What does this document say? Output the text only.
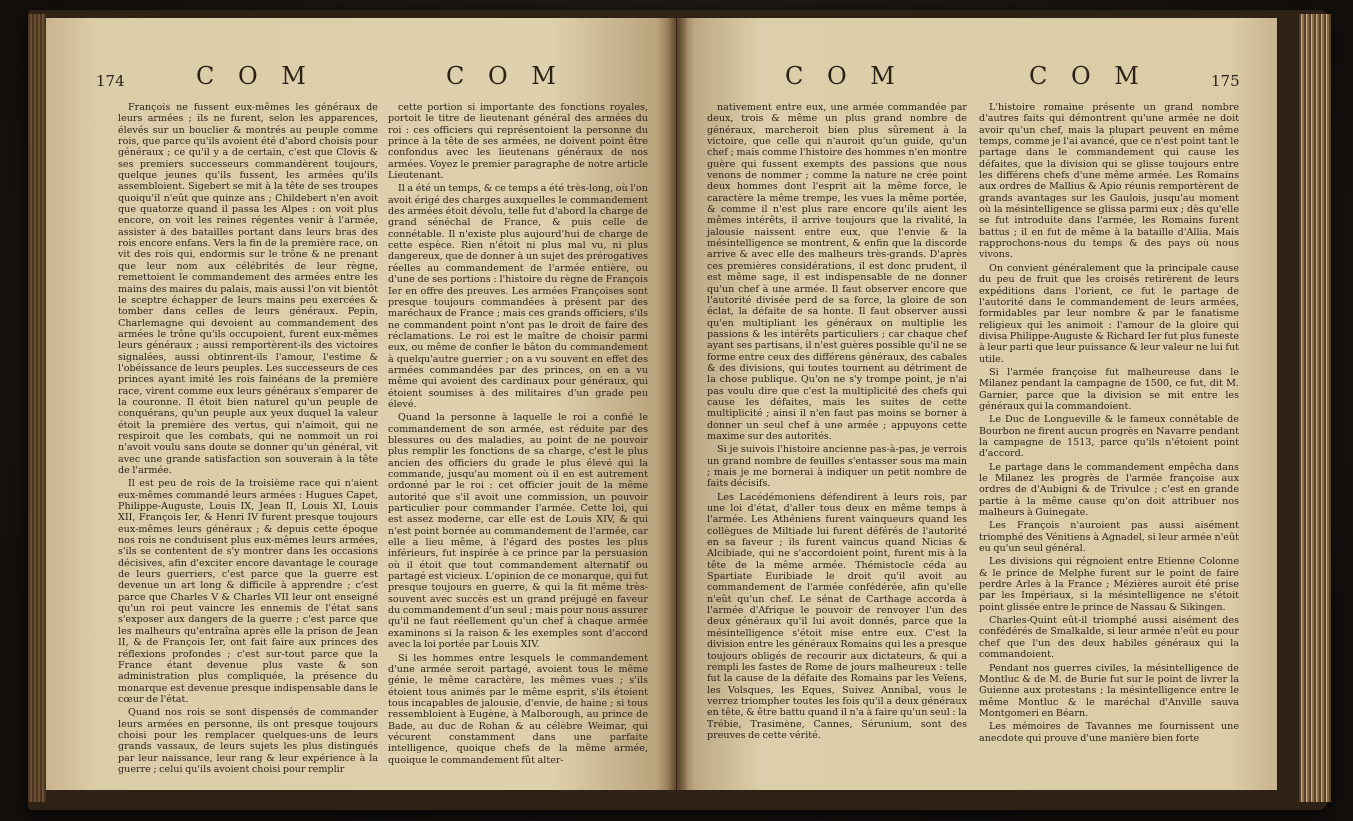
174	C O M	C O M

François ne fussent eux-mêmes les généraux de leurs armées ; ils ne furent, selon les apparences, élevés sur un bouclier & montrés au peuple comme rois, que parce qu'ils avoient été d'abord choisis pour généraux ; ce qu'il y a de certain, c'est que Clovis & ses premiers successeurs commandèrent toujours, quelque jeunes qu'ils fussent, les armées qu'ils assembloient. Sigebert se mit à la tête de ses troupes quoiqu'il n'eût que quinze ans ; Childebert n'en avoit que quatorze quand il passa les Alpes : on voit plus encore, on voit les reines régentes venir à l'armée, assister à des batailles portant dans leurs bras des rois encore enfans. Vers la fin de la première race, on vit des rois qui, endormis sur le trône & ne prenant que leur nom aux célébrités de leur règne, remettoient le commandement des armées entre les mains des maires du palais, mais aussi l'on vit bientôt le sceptre échapper de leurs mains peu exercées & tomber dans celles de leurs généraux. Pepin, Charlemagne qui devoient au commandement des armées le trône qu'ils occupoient, furent eux-mêmes leurs généraux ; aussi remportèrent-ils des victoires signalées, aussi obtinrent-ils l'amour, l'estime & l'obéissance de leurs peuples. Les successeurs de ces princes ayant imité les rois fainéans de la première race, virent comme eux leurs généraux s'emparer de la couronne. Il étoit bien naturel qu'un peuple de conquérans, qu'un peuple aux yeux duquel la valeur étoit la première des vertus, qui n'aimoit, qui ne respiroit que les combats, qui ne nommoit un roi n'avoit voulu sans doute se donner qu'un général, vit avec une grande satisfaction son souverain à la tête de l'armée.

Il est peu de rois de la troisième race qui n'aient eux-mêmes commandé leurs armées : Hugues Capet, Philippe-Auguste, Louis IX, Jean II, Louis XI, Louis XII, François Ier, & Henri IV furent presque toujours eux-mêmes leurs généraux ; & depuis cette époque nos rois ne conduisent plus eux-mêmes leurs armées, s'ils se contentent de s'y montrer dans les occasions décisives, afin d'exciter encore davantage le courage de leurs guerriers, c'est parce que la guerre est devenue un art long & difficile à apprendre ; c'est parce que Charles V & Charles VII leur ont enseigné qu'un roi peut vaincre les ennemis de l'état sans s'exposer aux dangers de la guerre ; c'est parce que les malheurs qu'entraîna après elle la prison de Jean II, & de François Ier, ont fait faire aux princes des réflexions profondes ; c'est sur-tout parce que la France étant devenue plus vaste & son administration plus compliquée, la présence du monarque est devenue presque indispensable dans le cœur de l'état.

Quand nos rois se sont dispensés de commander leurs armées en personne, ils ont presque toujours choisi pour les remplacer quelques-uns de leurs grands vassaux, de leurs sujets les plus distingués par leur naissance, leur rang & leur expérience à la guerre ; celui qu'ils avoient choisi pour remplir

cette portion si importante des fonctions royales, portoit le titre de lieutenant général des armées du roi : ces officiers qui représentoient la personne du prince à la tête de ses armées, ne doivent point être confondus avec les lieutenans généraux de nos armées. Voyez le premier paragraphe de notre article Lieutenant.

Il a été un temps, & ce temps a été très-long, où l'on avoit érigé des charges auxquelles le commandement des armées étoit dévolu, telle fut d'abord la charge de grand sénéchal de France, & puis celle de connétable. Il n'existe plus aujourd'hui de charge de cette espèce. Rien n'étoit ni plus mal vu, ni plus dangereux, que de donner à un sujet des prérogatives réelles au commandement de l'armée entière, ou d'une de ses portions : l'histoire du règne de François Ier en offre des preuves. Les armées Françoises sont presque toujours commandées à présent par des maréchaux de France ; mais ces grands officiers, s'ils ne commandent point n'ont pas le droit de faire des réclamations. Le roi est le maître de choisir parmi eux, ou même de confier le bâton du commandement à quelqu'autre guerrier ; on a vu souvent en effet des armées commandées par des princes, on en a vu même qui avoient des cardinaux pour généraux, qui étoient soumises à des militaires d'un grade peu élevé.

Quand la personne à laquelle le roi a confié le commandement de son armée, est réduite par des blessures ou des maladies, au point de ne pouvoir plus remplir les fonctions de sa charge, c'est le plus ancien des officiers du grade le plus élevé qui la commande, jusqu'au moment où il en est autrement ordonné par le roi : cet officier jouit de la même autorité que s'il avoit une commission, un pouvoir particulier pour commander l'armée. Cette loi, qui est assez moderne, car elle est de Louis XIV, & qui n'est point bornée au commandement de l'armée, car elle a lieu même, à l'égard des postes les plus inférieurs, fut inspirée à ce prince par la persuasion où il étoit que tout commandement alternatif ou partagé est vicieux. L'opinion de ce monarque, qui fut presque toujours en guerre, & qui la fit même très-souvent avec succès est un grand préjugé en faveur du commandement d'un seul ; mais pour nous assurer qu'il ne faut réellement qu'un chef à chaque armée examinons si la raison & les exemples sont d'accord avec la loi portée par Louis XIV.

Si les hommes entre lesquels le commandement d'une armée seroit partagé, avoient tous le même génie, le même caractère, les mêmes vues ; s'ils étoient tous animés par le même esprit, s'ils étoient tous incapables de jalousie, d'envie, de haine ; si tous ressembloient à Eugène, à Malborough, au prince de Bade, au duc de Rohan & au célèbre Weimar, qui vécurent constamment dans une parfaite intelligence, quoique chefs de la même armée, quoique le commandement fût alter-

C O M	C O M	175

nativement entre eux, une armée commandée par deux, trois & même un plus grand nombre de généraux, marcheroit bien plus sûrement à la victoire, que celle qui n'auroit qu'un guide, qu'un chef ; mais comme l'histoire des hommes n'en montre guère qui fussent exempts des passions que nous venons de nommer ; comme la nature ne crée point deux hommes dont l'esprit ait la même force, le caractère la même trempe, les vues la même portée, & comme il n'est plus rare encore qu'ils aient les mêmes intérêts, il arrive toujours que la rivalité, la jalousie naissent entre eux, que l'envie & la mésintelligence se montrent, & enfin que la discorde arrive & avec elle des malheurs très-grands. D'après ces premières considérations, il est donc prudent, il est même sage, il est indispensable de ne donner qu'un chef à une armée. Il faut observer encore que l'autorité divisée perd de sa force, la gloire de son éclat, la défaite de sa honte. Il faut observer aussi qu'en multipliant les généraux on multiplie les passions & les intérêts particuliers ; car chaque chef ayant ses partisans, il n'est guères possible qu'il ne se forme entre ceux des différens généraux, des cabales & des divisions, qui toutes tournent au détriment de la chose publique. Qu'on ne s'y trompe point, je n'ai pas voulu dire que c'est la multiplicité des chefs qui cause les défaites, mais les suites de cette multiplicité ; ainsi il n'en faut pas moins se borner à donner un seul chef à une armée ; appuyons cette maxime sur des autorités.

Si je suivois l'histoire ancienne pas-à-pas, je verrois un grand nombre de feuilles s'entasser sous ma main ; mais je me bornerai à indiquer un petit nombre de faits décisifs.

Les Lacédémoniens défendirent à leurs rois, par une loi d'état, d'aller tous deux en même temps à l'armée. Les Athéniens furent vainqueurs quand les collègues de Miltiade lui furent déférés de l'autorité en sa faveur ; ils furent vaincus quand Nicias & Alcibiade, qui ne s'accordoient point, furent mis à la tête de la même armée. Thémistocle céda au Spartiate Euribiade le droit qu'il avoit au commandement de l'armée confédérée, afin qu'elle n'eût qu'un chef. Le sénat de Carthage accorda à l'armée d'Afrique le pouvoir de renvoyer l'un des deux généraux qu'il lui avoit donnés, parce que la mésintelligence s'étoit mise entre eux. C'est la division entre les généraux Romains qui les a presque toujours obligés de recourir aux dictateurs, & qui a rempli les fastes de Rome de jours malheureux : telle fut la cause de la défaite des Romains par les Veïens, les Volsques, les Eques, Suivez Annibal, vous le verrez triompher toutes les fois qu'il a deux généraux en tête, & être battu quand il n'a à faire qu'un seul : la Trébie, Trasimène, Cannes, Sérunium, sont des preuves de cette vérité.

L'histoire romaine présente un grand nombre d'autres faits qui démontrent qu'une armée ne doit avoir qu'un chef, mais la plupart peuvent en même temps, comme je l'ai avancé, que ce n'est point tant le partage dans le commandement qui cause les défaites, que la division qui se glisse toujours entre les différens chefs d'une même armée. Les Romains aux ordres de Mallius & Apio réunis remportèrent de grands avantages sur les Gaulois, jusqu'au moment où la mésintelligence se glissa parmi eux ; dès qu'elle se fut introduite dans l'armée, les Romains furent battus ; il en fut de même à la bataille d'Allia. Mais rapprochons-nous du temps & des pays où nous vivons.

On convient généralement que la principale cause du peu de fruit que les croisés retirèrent de leurs expéditions dans l'orient, ce fut le partage de l'autorité dans le commandement de leurs armées, formidables par leur nombre & par le fanatisme religieux qui les animoit : l'amour de la gloire qui divisa Philippe-Auguste & Richard Ier fut plus funeste à leur parti que leur puissance & leur valeur ne lui fut utile.

Si l'armée françoise fut malheureuse dans le Milanez pendant la campagne de 1500, ce fut, dit M. Garnier, parce que la division se mit entre les généraux qui la commandoient.

Le Duc de Longueville & le fameux connétable de Bourbon ne firent aucun progrès en Navarre pendant la campagne de 1513, parce qu'ils n'étoient point d'accord.

Le partage dans le commandement empêcha dans le Milanez les progrès de l'armée françoise aux ordres de d'Aubigni & de Trivulce ; c'est en grande partie à la même cause qu'on doit attribuer nos malheurs à Guinegate.

Les François n'auroient pas aussi aisément triomphé des Vénitiens à Agnadel, si leur armée n'eût eu qu'un seul général.

Les divisions qui régnoient entre Etienne Colonne & le prince de Melphe furent sur le point de faire perdre Arles à la France ; Mézières auroit été prise par les Impériaux, si la mésintelligence ne s'étoit point glissée entre le prince de Nassau & Sikingen.

Charles-Quint eût-il triomphé aussi aisément des confédérés de Smalkalde, si leur armée n'eût eu pour chef que l'un des deux habiles généraux qui la commandoient.

Pendant nos guerres civiles, la mésintelligence de Montluc & de M. de Burie fut sur le point de livrer la Guienne aux protestans ; la mésintelligence entre le même Montluc & le maréchal d'Anville sauva Montgomeri en Béarn.

Les mémoires de Tavannes me fournissent une anecdote qui prouve d'une manière bien forte
